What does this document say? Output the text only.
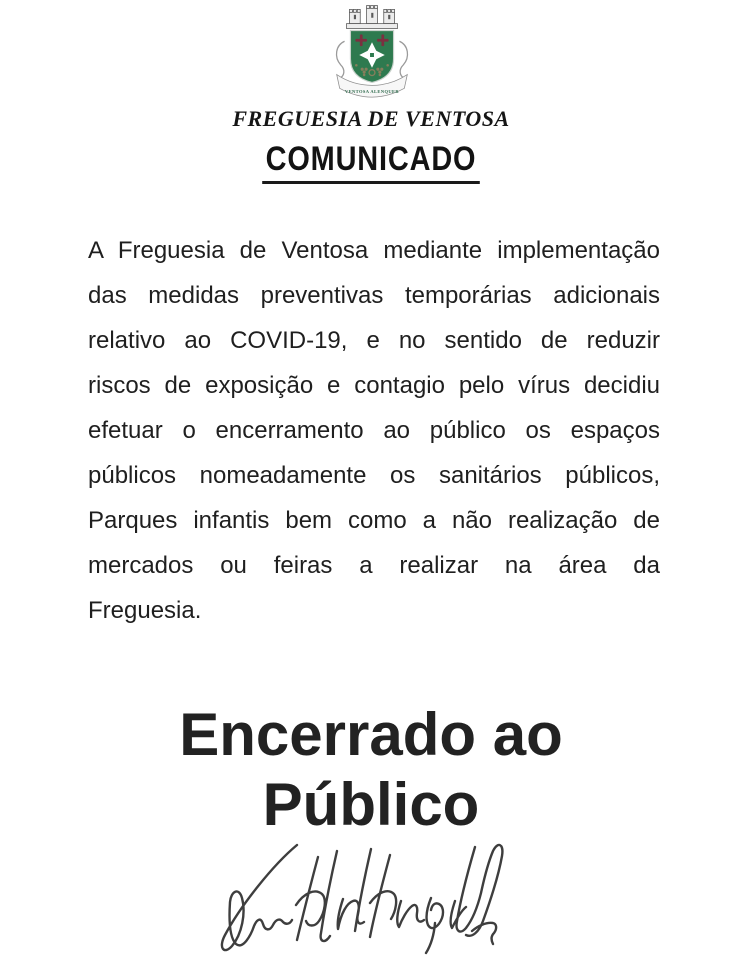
VENTOSA ALENQUER
FREGUESIA DE VENTOSA
COMUNICADO
A Freguesia de Ventosa mediante implementação
das medidas preventivas temporárias adicionais
relativo ao COVID-19, e no sentido de reduzir
riscos de exposição e contagio pelo vírus decidiu
efetuar o encerramento ao público os espaços
públicos nomeadamente os sanitários públicos,
Parques infantis bem como a não realização de
mercados ou feiras a realizar na área da
Freguesia.
Encerrado ao
Público
